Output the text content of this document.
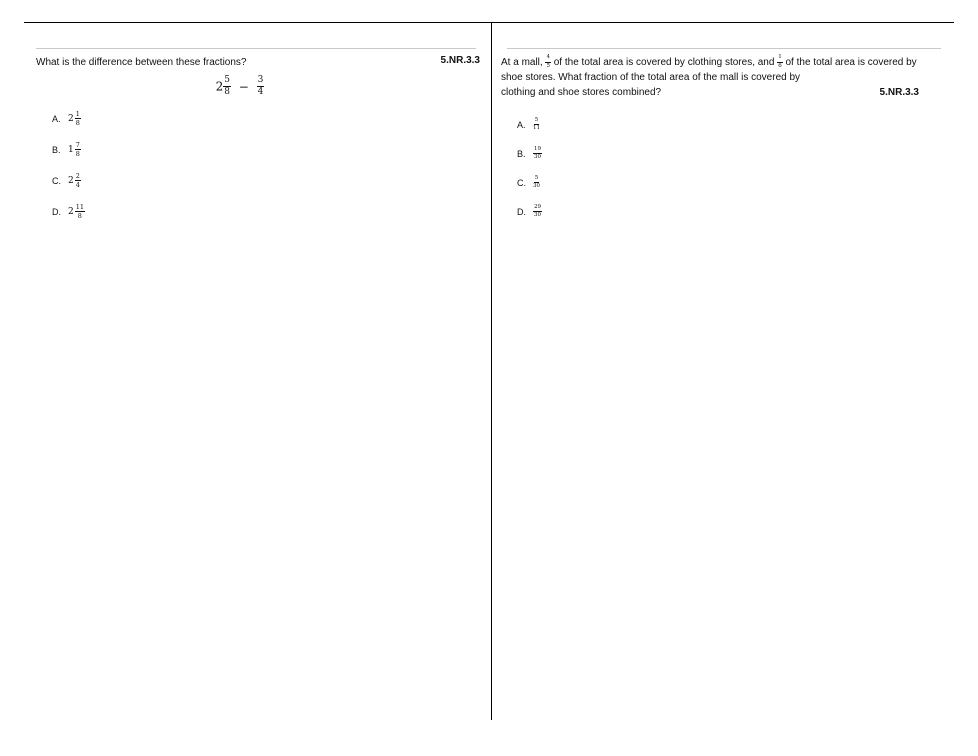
What is the difference between these fractions?	5.NR.3.3
$2 \frac{5}{8} - \frac{3}{4}$
A. $2 \frac{1}{8}$
B. $1 \frac{7}{8}$
C. $2 \frac{2}{4}$
D. $2 \frac{11}{8}$
At a mall, $\frac{4}{5}$ of the total area is covered by clothing stores, and $\frac{1}{6}$ of the total area is covered by shoe stores. What fraction of the total area of the mall is covered by
clothing and shoe stores combined?	5.NR.3.3
A.	$\frac{5}{11}$
B.	$\frac{19}{30}$
C.	$\frac{5}{30}$
D.	$\frac{29}{30}$
